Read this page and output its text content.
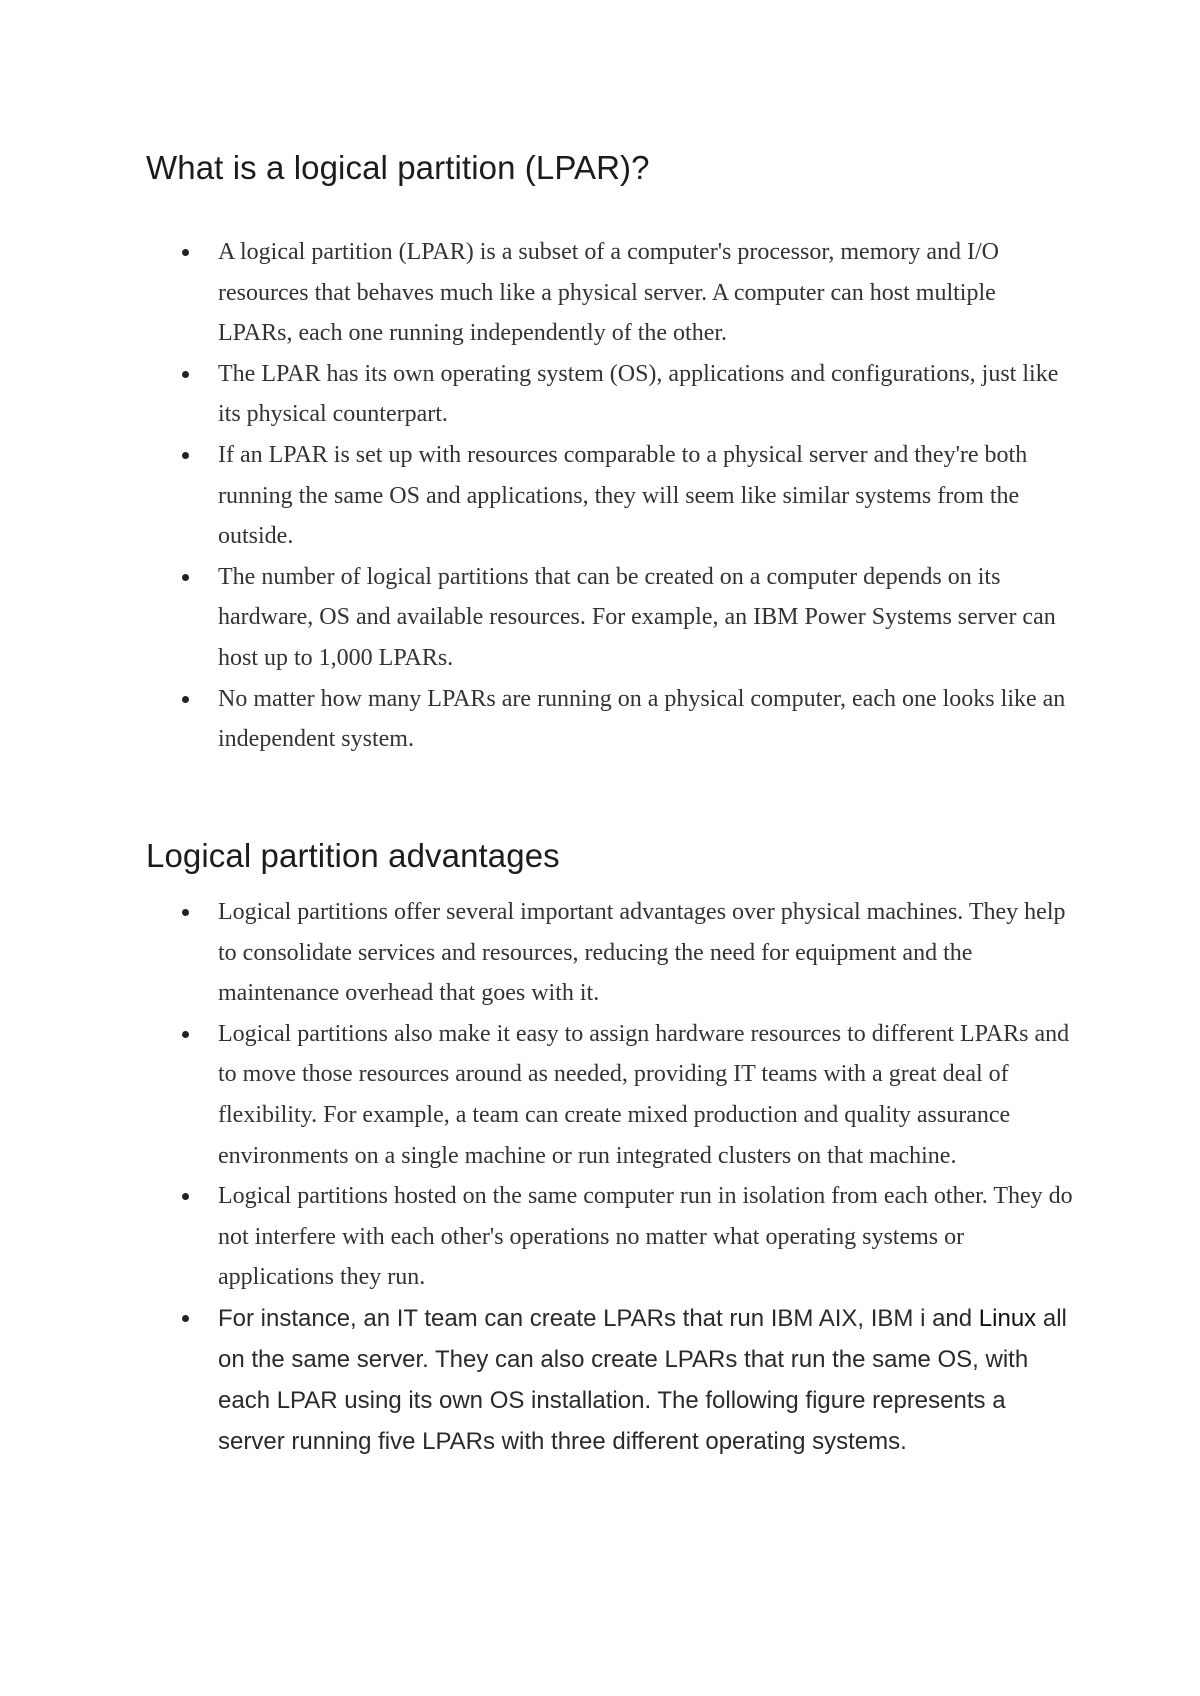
What is a logical partition (LPAR)?
A logical partition (LPAR) is a subset of a computer's processor, memory and I/O resources that behaves much like a physical server. A computer can host multiple LPARs, each one running independently of the other.
The LPAR has its own operating system (OS), applications and configurations, just like its physical counterpart.
If an LPAR is set up with resources comparable to a physical server and they're both running the same OS and applications, they will seem like similar systems from the outside.
The number of logical partitions that can be created on a computer depends on its hardware, OS and available resources. For example, an IBM Power Systems server can host up to 1,000 LPARs.
No matter how many LPARs are running on a physical computer, each one looks like an independent system.
Logical partition advantages
Logical partitions offer several important advantages over physical machines. They help to consolidate services and resources, reducing the need for equipment and the maintenance overhead that goes with it.
Logical partitions also make it easy to assign hardware resources to different LPARs and to move those resources around as needed, providing IT teams with a great deal of flexibility. For example, a team can create mixed production and quality assurance environments on a single machine or run integrated clusters on that machine.
Logical partitions hosted on the same computer run in isolation from each other. They do not interfere with each other's operations no matter what operating systems or applications they run.
For instance, an IT team can create LPARs that run IBM AIX, IBM i and Linux all on the same server. They can also create LPARs that run the same OS, with each LPAR using its own OS installation. The following figure represents a server running five LPARs with three different operating systems.
